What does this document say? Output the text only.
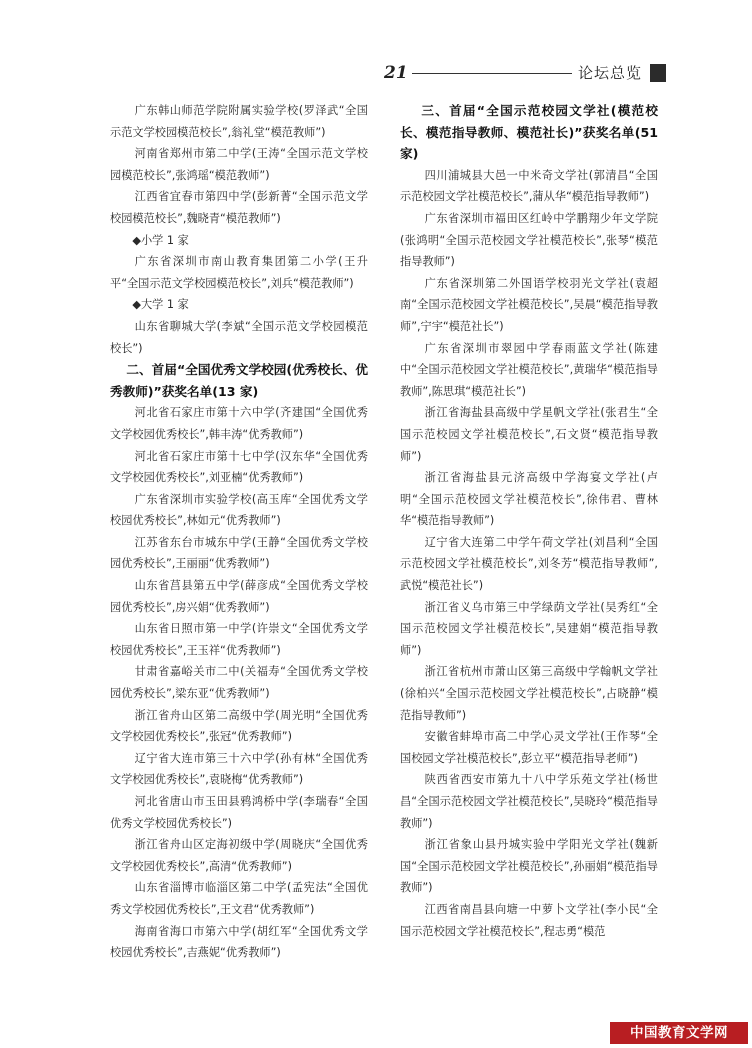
21	论坛总览

广东韩山师范学院附属实验学校(罗泽武“全国示范文学校园模范校长”,翁礼堂“模范教师”)

河南省郑州市第二中学(王涛“全国示范文学校园模范校长”,张鸿瑶“模范教师”)

江西省宜春市第四中学(彭新菁“全国示范文学校园模范校长”,魏晓青“模范教师”)

◆小学 1 家

广东省深圳市南山教育集团第二小学(王升平“全国示范文学校园模范校长”,刘兵“模范教师”)

◆大学 1 家

山东省聊城大学(李斌“全国示范文学校园模范校长”)

二、首届“全国优秀文学校园(优秀校长、优秀教师)”获奖名单(13 家)

河北省石家庄市第十六中学(齐建国“全国优秀文学校园优秀校长”,韩丰涛“优秀教师”)

河北省石家庄市第十七中学(汉东华“全国优秀文学校园优秀校长”,刘亚楠“优秀教师”)

广东省深圳市实验学校(高玉库“全国优秀文学校园优秀校长”,林如元“优秀教师”)

江苏省东台市城东中学(王静“全国优秀文学校园优秀校长”,王丽丽“优秀教师”)

山东省莒县第五中学(薛彦成“全国优秀文学校园优秀校长”,房兴娟“优秀教师”)

山东省日照市第一中学(许崇文“全国优秀文学校园优秀校长”,王玉祥“优秀教师”)

甘肃省嘉峪关市二中(关福寿“全国优秀文学校园优秀校长”,梁东亚“优秀教师”)

浙江省舟山区第二高级中学(周光明“全国优秀文学校园优秀校长”,张冠“优秀教师”)

辽宁省大连市第三十六中学(孙有林“全国优秀文学校园优秀校长”,袁晓梅“优秀教师”)

河北省唐山市玉田县鸦鸿桥中学(李瑞春“全国优秀文学校园优秀校长”)

浙江省舟山区定海初级中学(周晓庆“全国优秀文学校园优秀校长”,高清“优秀教师”)

山东省淄博市临淄区第二中学(孟宪法“全国优秀文学校园优秀校长”,王文君“优秀教师”)

海南省海口市第六中学(胡红军“全国优秀文学校园优秀校长”,吉燕妮“优秀教师”)

三、首届“全国示范校园文学社(模范校长、模范指导教师、模范社长)”获奖名单(51 家)

四川浦城县大邑一中米奇文学社(郭清昌“全国示范校园文学社模范校长”,蒲从华“模范指导教师”)

广东省深圳市福田区红岭中学鹏翔少年文学院(张鸿明“全国示范校园文学社模范校长”,张琴“模范指导教师”)

广东省深圳第二外国语学校羽光文学社(袁超南“全国示范校园文学社模范校长”,吴晨“模范指导教师”,宁宇“模范社长”)

广东省深圳市翠园中学春雨蓝文学社(陈建中“全国示范校园文学社模范校长”,黄瑞华“模范指导教师”,陈思琪“模范社长”)

浙江省海盐县高级中学星帆文学社(张君生“全国示范校园文学社模范校长”,石文贤“模范指导教师”)

浙江省海盐县元济高级中学海宴文学社(卢明“全国示范校园文学社模范校长”,徐伟君、曹林华“模范指导教师”)

辽宁省大连第二中学午荷文学社(刘昌利“全国示范校园文学社模范校长”,刘冬芳“模范指导教师”,武悦“模范社长”)

浙江省义乌市第三中学绿荫文学社(吴秀红“全国示范校园文学社模范校长”,吴建娟“模范指导教师”)

浙江省杭州市萧山区第三高级中学翰帆文学社(徐柏兴“全国示范校园文学社模范校长”,占晓静“模范指导教师”)

安徽省蚌埠市高二中学心灵文学社(王作琴“全国校园文学社模范校长”,彭立平“模范指导老师”)

陕西省西安市第九十八中学乐苑文学社(杨世昌“全国示范校园文学社模范校长”,吴晓玲“模范指导教师”)

浙江省象山县丹城实验中学阳光文学社(魏新国“全国示范校园文学社模范校长”,孙丽娟“模范指导教师”)

江西省南昌县向塘一中萝卜文学社(李小民“全国示范校园文学社模范校长”,程志勇“模范

中国教育文学网
